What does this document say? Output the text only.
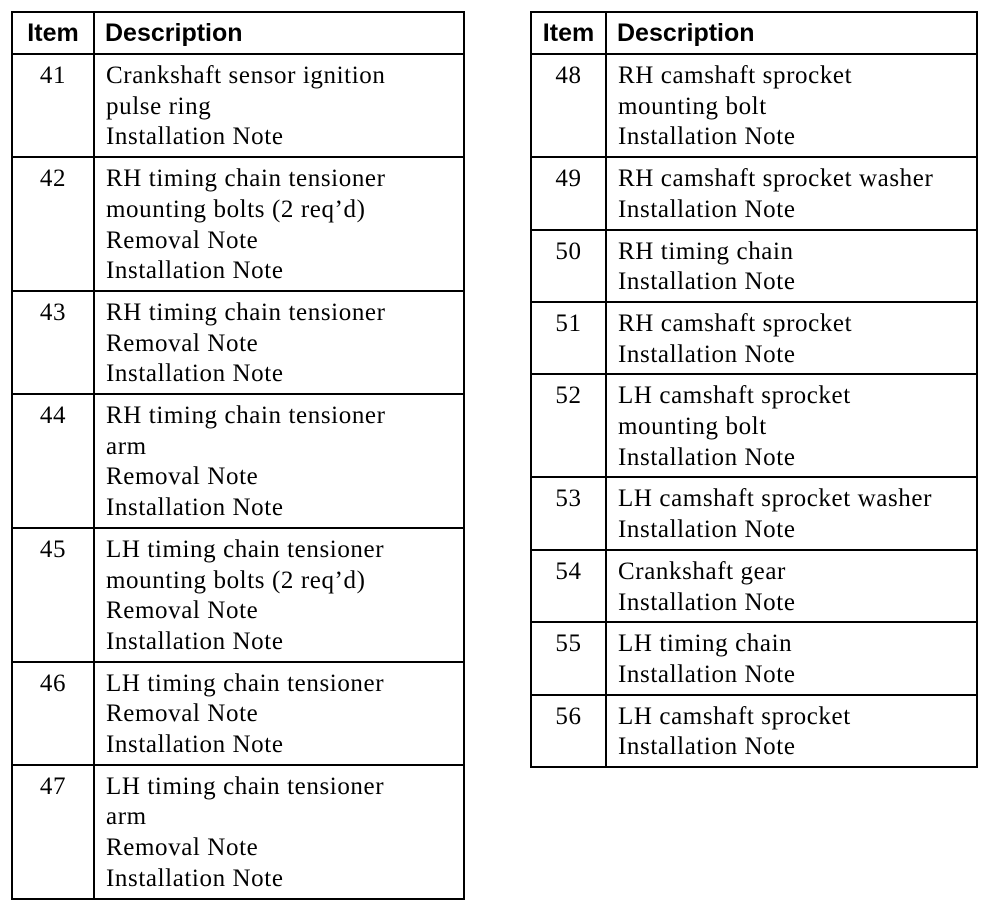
Item	Description
41	Crankshaft sensor ignition
pulse ring
Installation Note

42	RH timing chain tensioner
mounting bolts (2 req’d)
Removal Note
Installation Note

43	RH timing chain tensioner
Removal Note
Installation Note

44	RH timing chain tensioner
arm
Removal Note
Installation Note

45	LH timing chain tensioner
mounting bolts (2 req’d)
Removal Note
Installation Note

46	LH timing chain tensioner
Removal Note
Installation Note

47	LH timing chain tensioner
arm
Removal Note
Installation Note
Item	Description
48	RH camshaft sprocket
mounting bolt
Installation Note

49	RH camshaft sprocket washer
Installation Note

50	RH timing chain
Installation Note

51	RH camshaft sprocket
Installation Note

52	LH camshaft sprocket
mounting bolt
Installation Note

53	LH camshaft sprocket washer
Installation Note

54	Crankshaft gear
Installation Note

55	LH timing chain
Installation Note

56	LH camshaft sprocket
Installation Note
